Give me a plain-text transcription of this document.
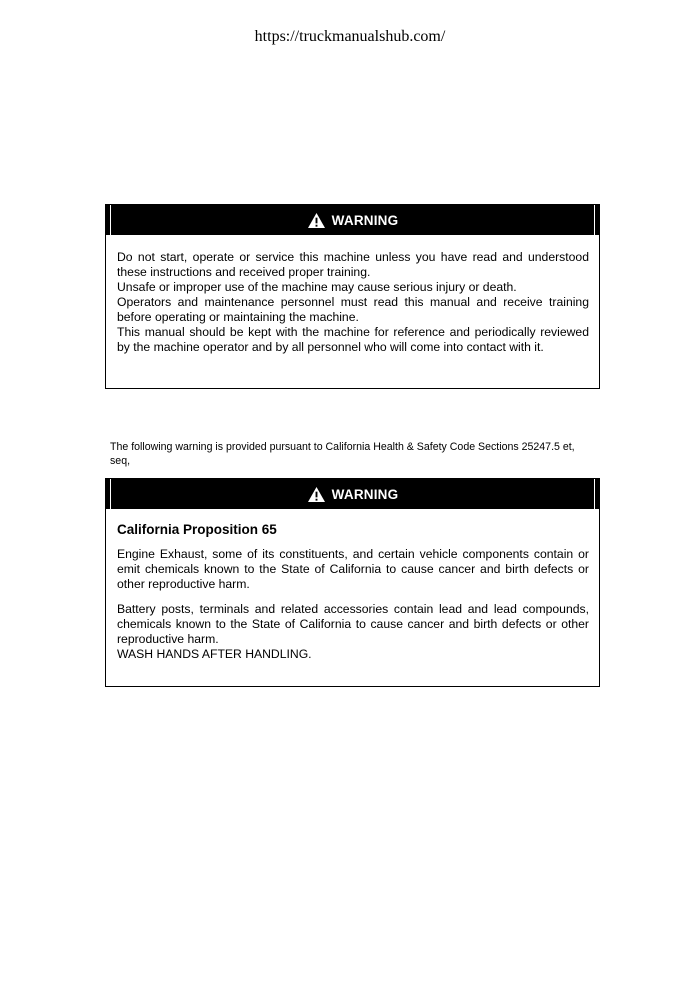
https://truckmanualshub.com/
WARNING

Do not start, operate or service this machine unless you have read and understood these instructions and received proper training.

Unsafe or improper use of the machine may cause serious injury or death.

Operators and maintenance personnel must read this manual and receive training before operating or maintaining the machine.

This manual should be kept with the machine for reference and periodically reviewed by the machine operator and by all personnel who will come into contact with it.

The following warning is provided pursuant to California Health & Safety Code Sections 25247.5 et, seq,
WARNING

California Proposition 65

Engine Exhaust, some of its constituents, and certain vehicle components contain or emit chemicals known to the State of California to cause cancer and birth defects or other reproductive harm.

Battery posts, terminals and related accessories contain lead and lead compounds, chemicals known to the State of California to cause cancer and birth defects or other reproductive harm.

WASH HANDS AFTER HANDLING.
